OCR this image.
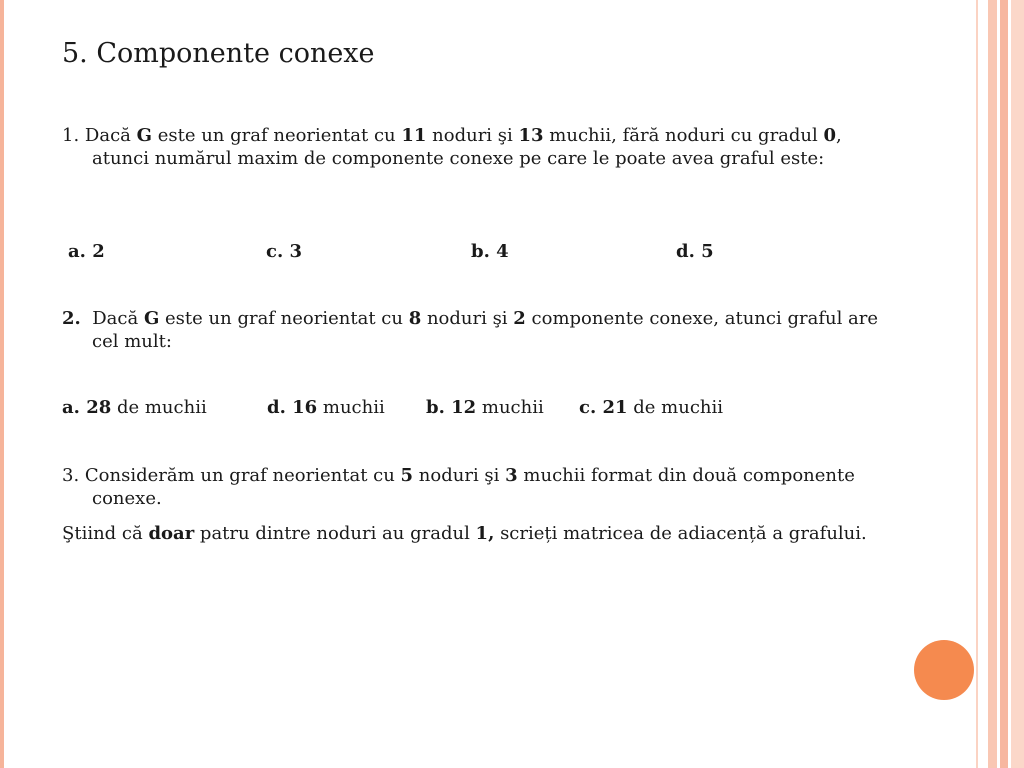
5. Componente conexe

1. Dacă G este un graf neorientat cu 11 noduri şi 13 muchii, fără noduri cu gradul 0, atunci numărul maxim de componente conexe pe care le poate avea graful este:

a. 2	c. 3	b. 4	d. 5

2.  Dacă G este un graf neorientat cu 8 noduri şi 2 componente conexe, atunci graful are cel mult:

a. 28 de muchii	d. 16 muchii b. 12 muchii c. 21 de muchii

3. Considerăm un graf neorientat cu 5 noduri şi 3 muchii format din două componente conexe.

Ştiind că doar patru dintre noduri au gradul 1, scrieți matricea de adiacență a grafului.
